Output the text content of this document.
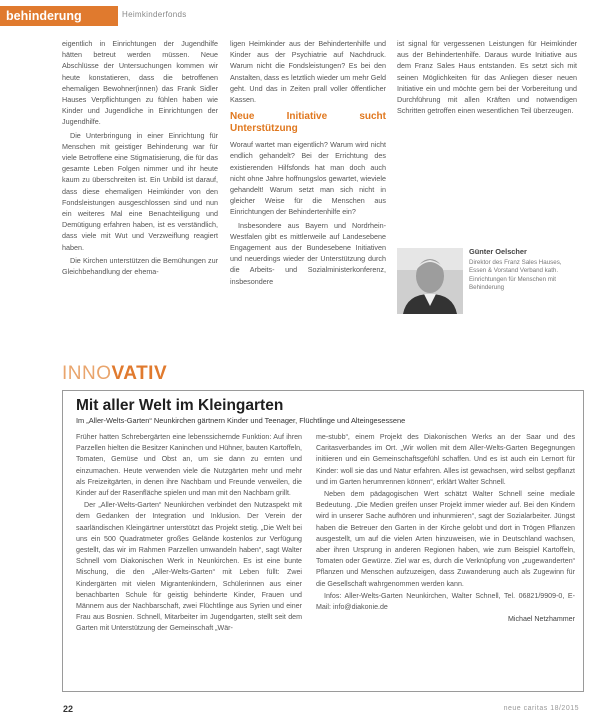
behinderung	Heimkinderfonds

eigentlich in Einrichtungen der Jugendhilfe hätten betreut werden müssen. Neue Abschlüsse der Untersuchungen kommen wir heute konstatieren, dass die betroffenen ehemaligen Bewohner(innen) das Frank Sidler Hauses Verpflichtungen zu fühlen haben wie Kinder und Jugendliche in Einrichtungen der Jugendhilfe.

Die Unterbringung in einer Einrichtung für Menschen mit geistiger Behinderung war für viele Betroffene eine Stigmatisierung, die für das gesamte Leben Folgen nimmer und ihr heute kaum zu überschreiten ist. Ein Unbild ist darauf, dass diese ehemaligen Heimkinder von den Fondsleistungen ausgeschlossen sind und nun ein weiteres Mal eine Benachteiligung und Demütigung erfahren haben, ist es verständlich, dass viele mit Wut und Verzweiflung reagiert haben.

Die Kirchen unterstützen die Bemühungen zur Gleichbehandlung der ehema-

ligen Heimkinder aus der Behindertenhilfe und Kinder aus der Psychiatrie auf Nachdruck. Warum nicht die Fondsleistungen? Es bei den Anstalten, dass es letztlich wieder um mehr Geld geht. Und das in Zeiten prall voller öffentlicher Kassen.

Neue Initiative sucht Unterstützung

Worauf wartet man eigentlich? Warum wird nicht endlich gehandelt? Bei der Errichtung des existierenden Hilfsfonds hat man doch auch nicht ohne Jahre hoffnungslos gewartet, wieviele gehandelt! Warum setzt man sich nicht in gleicher Weise für die Menschen aus Einrichtungen der Behindertenhilfe ein?

Insbesondere aus Bayern und Nordrhein-Westfalen gibt es mittlerweile auf Landesebene Engagement aus der Bundesebene Initiativen und neuerdings wieder der Unterstützung durch die Arbeits- und Sozialministerkonferenz, insbesondere

ist signal für vergessenen Leistungen für Heimkinder aus der Behindertenhilfe. Daraus wurde Initiative aus dem Franz Sales Haus entstanden. Es setzt sich mit seinen Möglichkeiten für das Anliegen dieser neuen Initiative ein und möchte gern bei der Vorbereitung und Durchführung mit allen Kräften und notwendigen Schritten getroffen einen wesentlichen Teil überzeugen.

Günter Oelscher
Direktor des Franz Sales Hauses, Essen & Vorstand Verband kath. Einrichtungen für Menschen mit Behinderung
INNOVATIV
Mit aller Welt im Kleingarten
Im „Aller-Welts-Garten“ Neunkirchen gärtnern Kinder und Teenager, Flüchtlinge und Alteingesessene

Früher hatten Schrebergärten eine lebenssichernde Funktion: Auf ihren Parzellen hielten die Besitzer Kaninchen und Hühner, bauten Kartoffeln, Tomaten, Gemüse und Obst an, um sie dann zu ernten und einzumachen. Heute verwenden viele die Nutzgärten mehr und mehr als Freizeitgärten, in denen ihre Nachbarn und Freunde verweilen, die Kinder auf der Rasenfläche spielen und man mit den Nachbarn grillt.

Der „Aller-Welts-Garten“ Neunkirchen verbindet den Nutzaspekt mit dem Gedanken der Integration und Inklusion. Der Verein der saarländischen Kleingärtner unterstützt das Projekt stetig. „Die Welt bei uns ein 500 Quadratmeter großes Gelände kostenlos zur Verfügung gestellt, das wir im Rahmen Parzellen umwandeln haben“, sagt Walter Schnell vom Diakonischen Werk in Neunkirchen. Es ist eine bunte Mischung, die den „Aller-Welts-Garten“ mit Leben füllt: Zwei Kindergärten mit vielen Migrantenkindern, Schülerinnen aus einer benachbarten Schule für geistig behinderte Kinder, Frauen und Männern aus der Nachbarschaft, zwei Flüchtlinge aus Syrien und einer Frau aus Bosnien. Schnell, Mitarbeiter im Jugendgarten, stellt seit dem Garten mit Unterstützung der Gemeinschaft „Wär-

me-stubb“, einem Projekt des Diakonischen Werks an der Saar und des Caritasverbandes im Ort. „Wir wollen mit dem Aller-Welts-Garten Begegnungen initiieren und ein Gemeinschaftsgefühl schaffen. Und es ist auch ein Lernort für Kinder: woll sie das und Natur erfahren. Alles ist gewachsen, wird selbst gepflanzt und im Garten herumrennen können“, erklärt Walter Schnell.

Neben dem pädagogischen Wert schätzt Walter Schnell seine mediale Bedeutung. „Die Medien greifen unser Projekt immer wieder auf. Bei den Kindern wird in unserer Sache aufhören und inhunmieren“, sagt der Sozialarbeiter. Jüngst haben die Betreuer den Garten in der Kirche gelobt und dort in Trögen Pflanzen ausgestellt, um auf die vielen Arten hinzuweisen, wie in Deutschland wachsen, aber ihren Ursprung in anderen Regionen haben, wie zum Beispiel Kartoffeln, Tomaten oder Gewürze. Ziel war es, durch die Verknüpfung von „zugewanderten“ Pflanzen und Menschen aufzuzeigen, dass Zuwanderung auch als Zugewinn für die Gesellschaft wahrgenommen werden kann.

Infos: Aller-Welts-Garten Neunkirchen, Walter Schnell, Tel. 06821/9909-0, E-Mail: info@diakonie.de

Michael Netzhammer

22	neue caritas 18/2015
